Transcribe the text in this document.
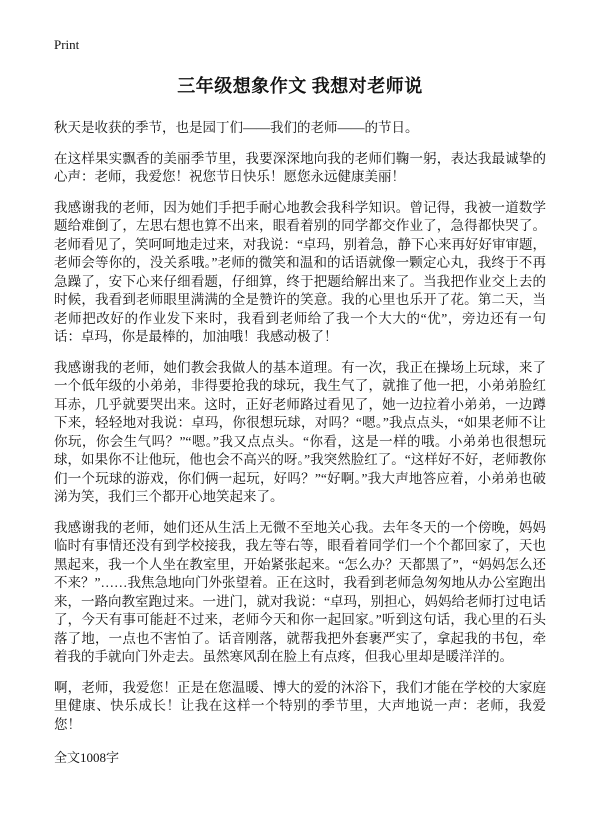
Print
三年级想象作文 我想对老师说

秋天是收获的季节，也是园丁们——我们的老师——的节日。

在这样果实飘香的美丽季节里，我要深深地向我的老师们鞠一躬，表达我最诚挚的心声：老师，我爱您！祝您节日快乐！愿您永远健康美丽！

我感谢我的老师，因为她们手把手耐心地教会我科学知识。曾记得，我被一道数学题给难倒了，左思右想也算不出来，眼看着别的同学都交作业了，急得都快哭了。老师看见了，笑呵呵地走过来，对我说：“卓玛，别着急，静下心来再好好审审题，老师会等你的，没关系哦。”老师的微笑和温和的话语就像一颗定心丸，我终于不再急躁了，安下心来仔细看题，仔细算，终于把题给解出来了。当我把作业交上去的时候，我看到老师眼里满满的全是赞许的笑意。我的心里也乐开了花。第二天，当老师把改好的作业发下来时，我看到老师给了我一个大大的“优”，旁边还有一句话：卓玛，你是最棒的，加油哦！我感动极了！

我感谢我的老师，她们教会我做人的基本道理。有一次，我正在操场上玩球，来了一个低年级的小弟弟，非得要抢我的球玩，我生气了，就推了他一把，小弟弟脸红耳赤，几乎就要哭出来。这时，正好老师路过看见了，她一边拉着小弟弟，一边蹲下来，轻轻地对我说：卓玛，你很想玩球，对吗？“嗯。”我点点头，“如果老师不让你玩，你会生气吗？”“嗯。”我又点点头。“你看，这是一样的哦。小弟弟也很想玩球，如果你不让他玩，他也会不高兴的呀。”我突然脸红了。“这样好不好，老师教你们一个玩球的游戏，你们俩一起玩，好吗？”“好啊。”我大声地答应着，小弟弟也破涕为笑，我们三个都开心地笑起来了。

我感谢我的老师，她们还从生活上无微不至地关心我。去年冬天的一个傍晚，妈妈临时有事情还没有到学校接我，我左等右等，眼看着同学们一个个都回家了，天也黑起来，我一个人坐在教室里，开始紧张起来。“怎么办？天都黑了”，“妈妈怎么还不来？”……我焦急地向门外张望着。正在这时，我看到老师急匆匆地从办公室跑出来，一路向教室跑过来。一进门，就对我说：“卓玛，别担心，妈妈给老师打过电话了，今天有事可能赶不过来，老师今天和你一起回家。”听到这句话，我心里的石头落了地，一点也不害怕了。话音刚落，就帮我把外套裹严实了，拿起我的书包，牵着我的手就向门外走去。虽然寒风刮在脸上有点疼，但我心里却是暖洋洋的。

啊，老师，我爱您！正是在您温暖、博大的爱的沐浴下，我们才能在学校的大家庭里健康、快乐成长！让我在这样一个特别的季节里，大声地说一声：老师，我爱您！

全文1008字
